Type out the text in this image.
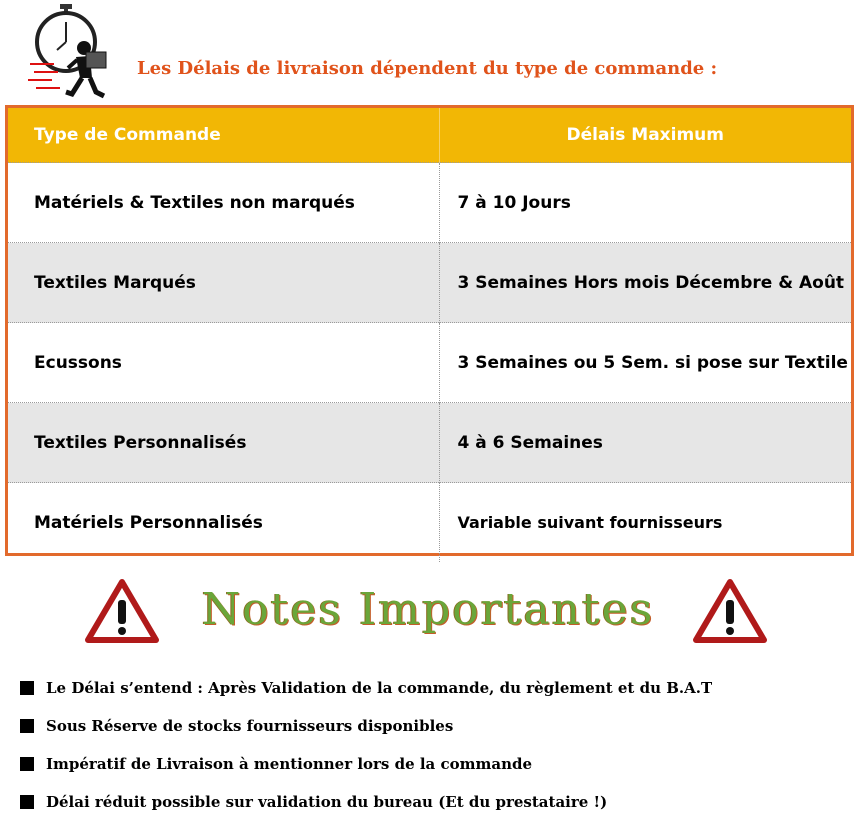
Les Délais de livraison dépendent du type de commande :
Type de Commande	Délais Maximum
Matériels & Textiles non marqués	7 à 10 Jours
Textiles Marqués	3 Semaines Hors mois Décembre & Août
Ecussons	3 Semaines ou 5 Sem. si pose sur Textile
Textiles Personnalisés	4 à 6 Semaines
Matériels Personnalisés	Variable suivant fournisseurs
Notes Importantes
Le Délai s’entend : Après Validation de la commande, du règlement et du B.A.T
Sous Réserve de stocks fournisseurs disponibles
Impératif de Livraison à mentionner lors de la commande
Délai réduit possible sur validation du bureau (Et du prestataire !)
